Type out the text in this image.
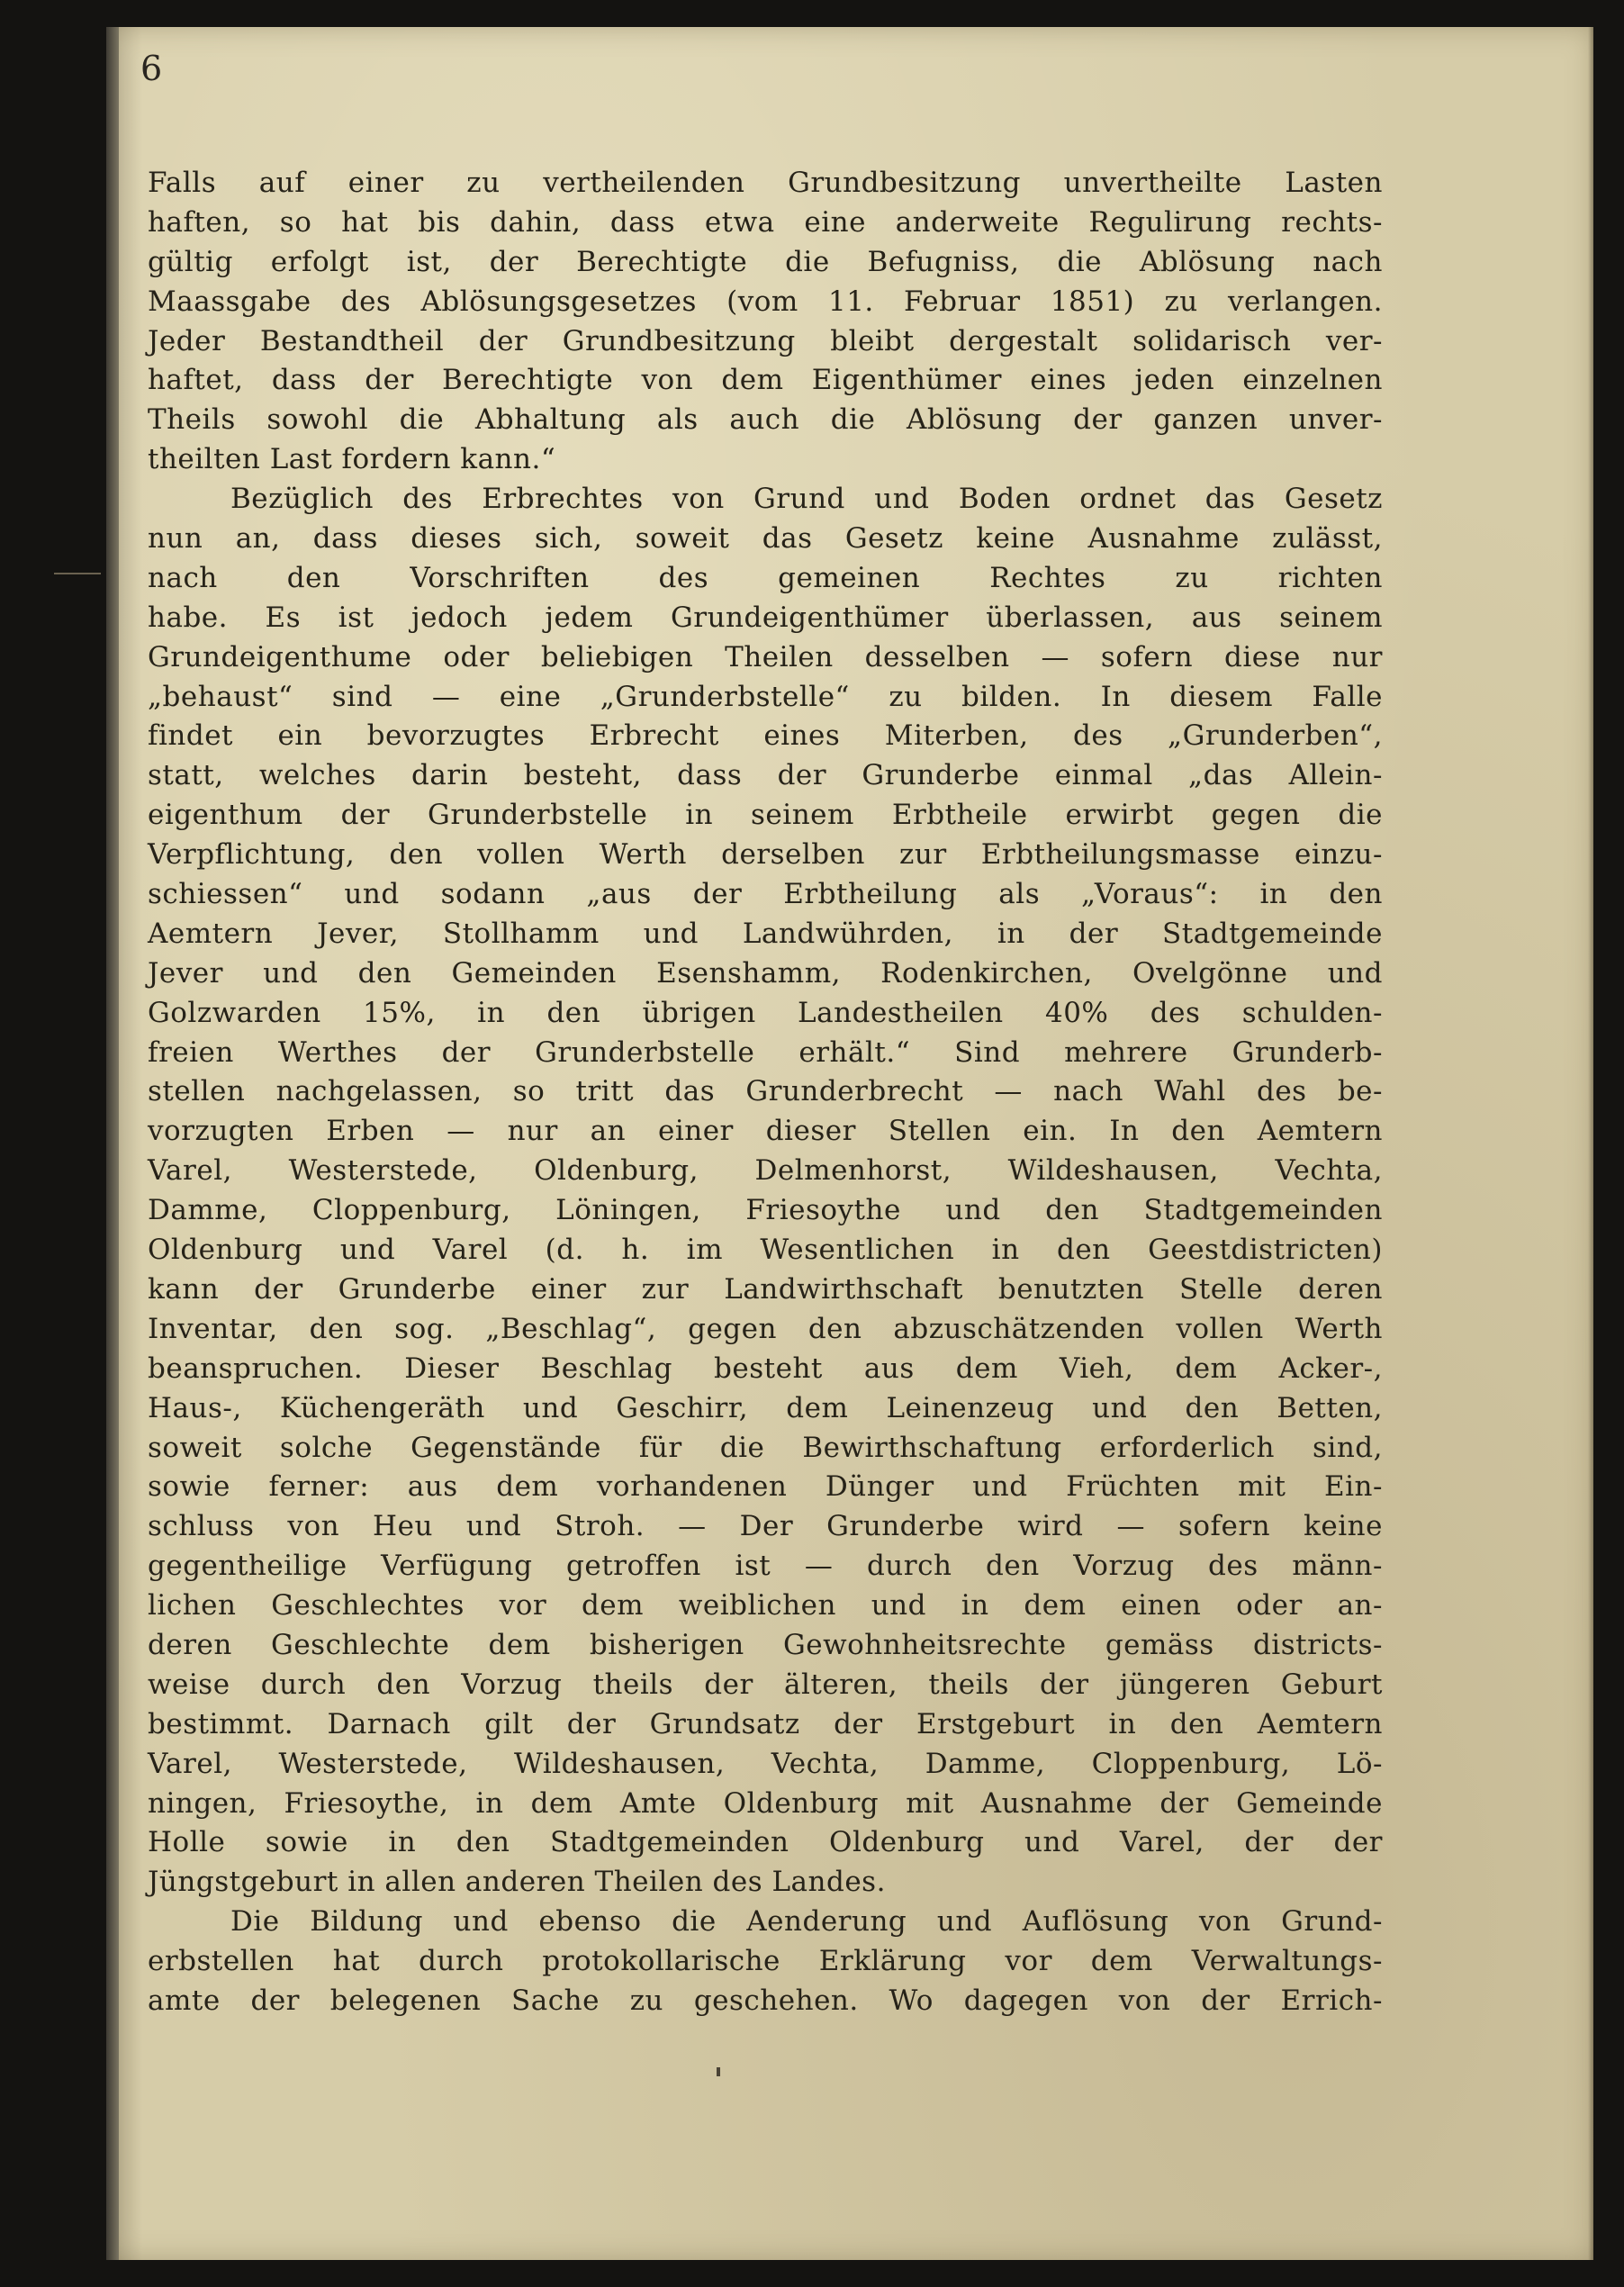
6
Falls auf einer zu vertheilenden Grundbesitzung unvertheilte Lasten
haften, so hat bis dahin, dass etwa eine anderweite Regulirung rechts-
gültig erfolgt ist, der Berechtigte die Befugniss, die Ablösung nach
Maassgabe des Ablösungsgesetzes (vom 11. Februar 1851) zu verlangen.
Jeder Bestandtheil der Grundbesitzung bleibt dergestalt solidarisch ver-
haftet, dass der Berechtigte von dem Eigenthümer eines jeden einzelnen
Theils sowohl die Abhaltung als auch die Ablösung der ganzen unver-
theilten Last fordern kann.“
Bezüglich des Erbrechtes von Grund und Boden ordnet das Gesetz
nun an, dass dieses sich, soweit das Gesetz keine Ausnahme zulässt,
nach den Vorschriften des gemeinen Rechtes zu richten
habe. Es ist jedoch jedem Grundeigenthümer überlassen, aus seinem
Grundeigenthume oder beliebigen Theilen desselben — sofern diese nur
„behaust“ sind — eine „Grunderbstelle“ zu bilden. In diesem Falle
findet ein bevorzugtes Erbrecht eines Miterben, des „Grunderben“,
statt, welches darin besteht, dass der Grunderbe einmal „das Allein-
eigenthum der Grunderbstelle in seinem Erbtheile erwirbt gegen die
Verpflichtung, den vollen Werth derselben zur Erbtheilungsmasse einzu-
schiessen“ und sodann „aus der Erbtheilung als „Voraus“: in den
Aemtern Jever, Stollhamm und Landwührden, in der Stadtgemeinde
Jever und den Gemeinden Esenshamm, Rodenkirchen, Ovelgönne und
Golzwarden 15%, in den übrigen Landestheilen 40% des schulden-
freien Werthes der Grunderbstelle erhält.“ Sind mehrere Grunderb-
stellen nachgelassen, so tritt das Grunderbrecht — nach Wahl des be-
vorzugten Erben — nur an einer dieser Stellen ein. In den Aemtern
Varel, Westerstede, Oldenburg, Delmenhorst, Wildeshausen, Vechta,
Damme, Cloppenburg, Löningen, Friesoythe und den Stadtgemeinden
Oldenburg und Varel (d. h. im Wesentlichen in den Geestdistricten)
kann der Grunderbe einer zur Landwirthschaft benutzten Stelle deren
Inventar, den sog. „Beschlag“, gegen den abzuschätzenden vollen Werth
beanspruchen. Dieser Beschlag besteht aus dem Vieh, dem Acker-,
Haus-, Küchengeräth und Geschirr, dem Leinenzeug und den Betten,
soweit solche Gegenstände für die Bewirthschaftung erforderlich sind,
sowie ferner: aus dem vorhandenen Dünger und Früchten mit Ein-
schluss von Heu und Stroh. — Der Grunderbe wird — sofern keine
gegentheilige Verfügung getroffen ist — durch den Vorzug des männ-
lichen Geschlechtes vor dem weiblichen und in dem einen oder an-
deren Geschlechte dem bisherigen Gewohnheitsrechte gemäss districts-
weise durch den Vorzug theils der älteren, theils der jüngeren Geburt
bestimmt. Darnach gilt der Grundsatz der Erstgeburt in den Aemtern
Varel, Westerstede, Wildeshausen, Vechta, Damme, Cloppenburg, Lö-
ningen, Friesoythe, in dem Amte Oldenburg mit Ausnahme der Gemeinde
Holle sowie in den Stadtgemeinden Oldenburg und Varel, der der
Jüngstgeburt in allen anderen Theilen des Landes.
Die Bildung und ebenso die Aenderung und Auflösung von Grund-
erbstellen hat durch protokollarische Erklärung vor dem Verwaltungs-
amte der belegenen Sache zu geschehen. Wo dagegen von der Errich-
